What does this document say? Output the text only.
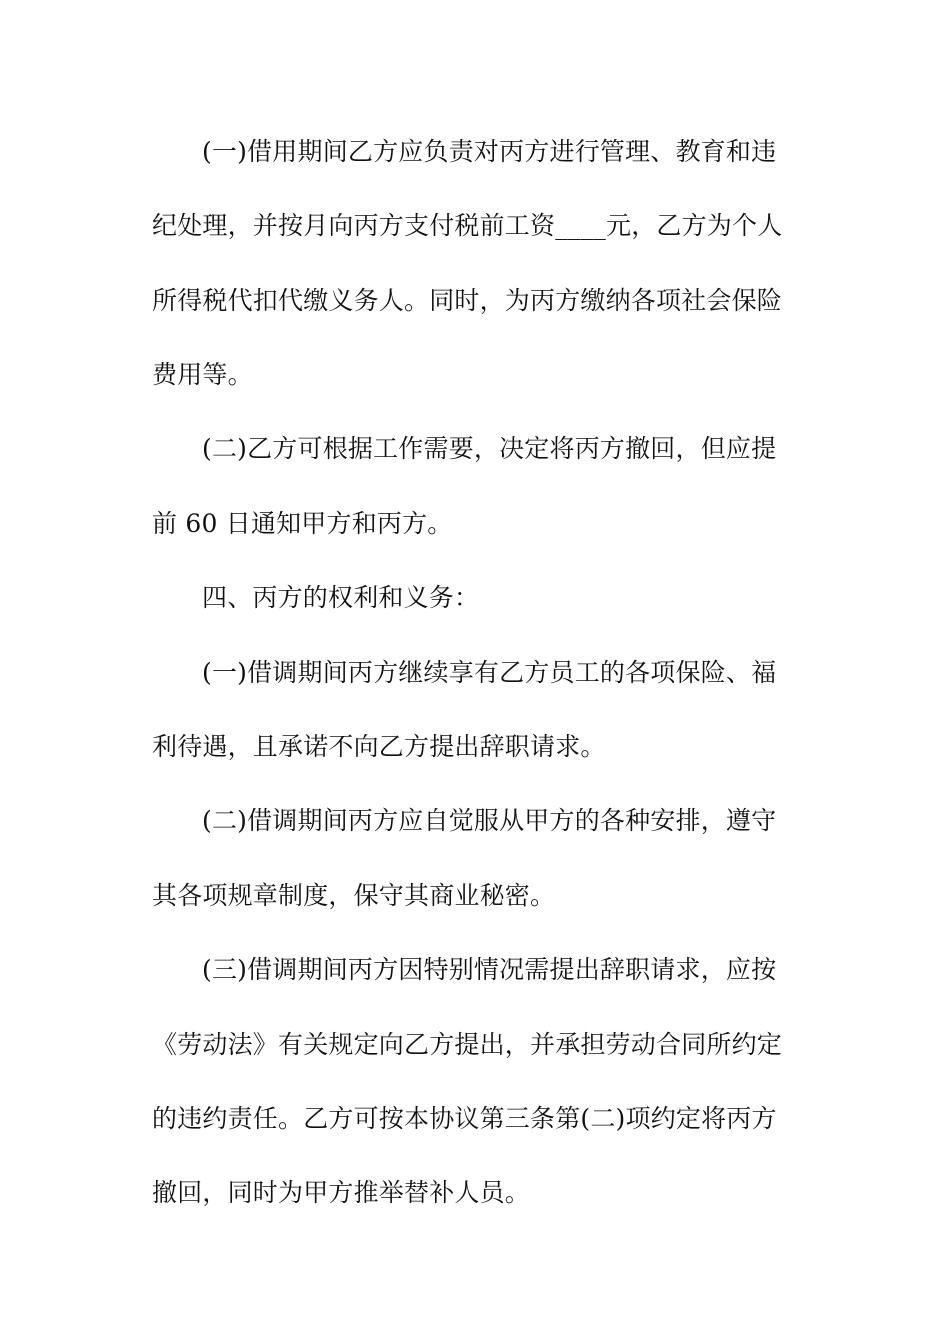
(一)借用期间乙方应负责对丙方进行管理、教育和违
纪处理，并按月向丙方支付税前工资____元，乙方为个人
所得税代扣代缴义务人。同时，为丙方缴纳各项社会保险
费用等。
(二)乙方可根据工作需要，决定将丙方撤回，但应提
前 60 日通知甲方和丙方。
四、丙方的权利和义务：
(一)借调期间丙方继续享有乙方员工的各项保险、福
利待遇，且承诺不向乙方提出辞职请求。
(二)借调期间丙方应自觉服从甲方的各种安排，遵守
其各项规章制度，保守其商业秘密。
(三)借调期间丙方因特别情况需提出辞职请求，应按
《劳动法》有关规定向乙方提出，并承担劳动合同所约定
的违约责任。乙方可按本协议第三条第(二)项约定将丙方
撤回，同时为甲方推举替补人员。
